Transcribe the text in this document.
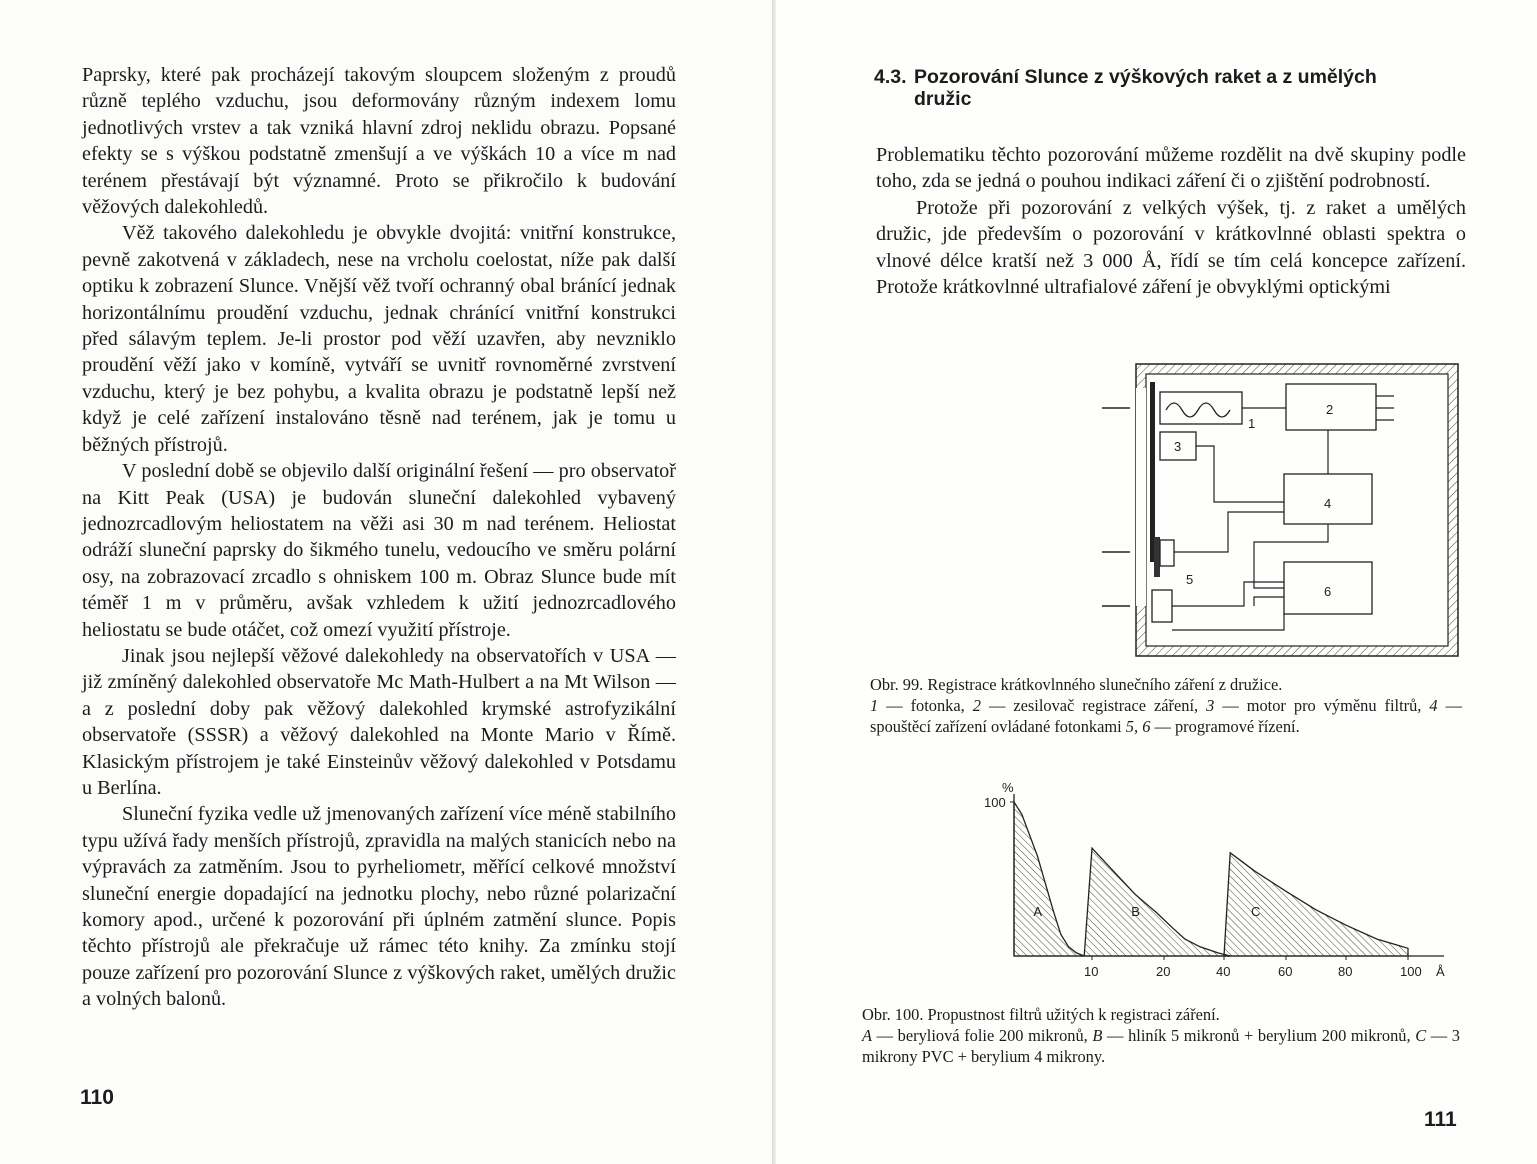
Paprsky, které pak procházejí takovým sloupcem složeným z proudů různě teplého vzduchu, jsou deformovány různým indexem lomu jednotlivých vrstev a tak vzniká hlavní zdroj neklidu obrazu. Popsané efekty se s výškou podstatně zmenšují a ve výškách 10 a více m nad terénem přestávají být významné. Proto se přikročilo k budování věžových dalekohledů.

Věž takového dalekohledu je obvykle dvojitá: vnitřní konstrukce, pevně zakotvená v základech, nese na vrcholu coelostat, níže pak další optiku k zobrazení Slunce. Vnější věž tvoří ochranný obal bránící jednak horizontálnímu proudění vzduchu, jednak chránící vnitřní konstrukci před sálavým teplem. Je-li prostor pod věží uzavřen, aby nevzniklo proudění věží jako v komíně, vytváří se uvnitř rovnoměrné zvrstvení vzduchu, který je bez pohybu, a kvalita obrazu je podstatně lepší než když je celé zařízení instalováno těsně nad terénem, jak je tomu u běžných přístrojů.

V poslední době se objevilo další originální řešení — pro observatoř na Kitt Peak (USA) je budován sluneční dalekohled vybavený jednozrcadlovým heliostatem na věži asi 30 m nad terénem. Heliostat odráží sluneční paprsky do šikmého tunelu, vedoucího ve směru polární osy, na zobrazovací zrcadlo s ohniskem 100 m. Obraz Slunce bude mít téměř 1 m v průměru, avšak vzhledem k užití jednozrcadlového heliostatu se bude otáčet, což omezí využití přístroje.

Jinak jsou nejlepší věžové dalekohledy na observatořích v USA — již zmíněný dalekohled observatoře Mc Math-Hulbert a na Mt Wilson — a z poslední doby pak věžový dalekohled krymské astrofyzikální observatoře (SSSR) a věžový dalekohled na Monte Mario v Římě. Klasickým přístrojem je také Einsteinův věžový dalekohled v Potsdamu u Berlína.

Sluneční fyzika vedle už jmenovaných zařízení více méně stabilního typu užívá řady menších přístrojů, zpravidla na malých stanicích nebo na výpravách za zatměním. Jsou to pyrheliometr, měřící celkové množství sluneční energie dopadající na jednotku plochy, nebo různé polarizační komory apod., určené k pozorování při úplném zatmění slunce. Popis těchto přístrojů ale překračuje už rámec této knihy. Za zmínku stojí pouze zařízení pro pozorování Slunce z výškových raket, umělých družic a volných balonů.

110
4.3. Pozorování Slunce z výškových raket a z umělých
družic

Problematiku těchto pozorování můžeme rozdělit na dvě skupiny podle toho, zda se jedná o pouhou indikaci záření či o zjištění podrobností.

Protože při pozorování z velkých výšek, tj. z raket a umělých družic, jde především o pozorování v krátkovlnné oblasti spektra o vlnové délce kratší než 3 000 Å, řídí se tím celá koncepce zařízení. Protože krátkovlnné ultrafialové záření je obvyklými optickými

1
2
3
4
5
6

Obr. 99. Registrace krátkovlnného slunečního záření z družice.

1 — fotonka, 2 — zesilovač registrace záření, 3 — motor pro výměnu filtrů, 4 — spouštěcí zařízení ovládané fotonkami 5, 6 — programové řízení.

%
100
10	20	40	60	80	100 Å
A	B	C

Obr. 100. Propustnost filtrů užitých k registraci záření.

A — beryliová folie 200 mikronů, B — hliník 5 mikronů + berylium 200 mikronů, C — 3 mikrony PVC + berylium 4 mikrony.

111
